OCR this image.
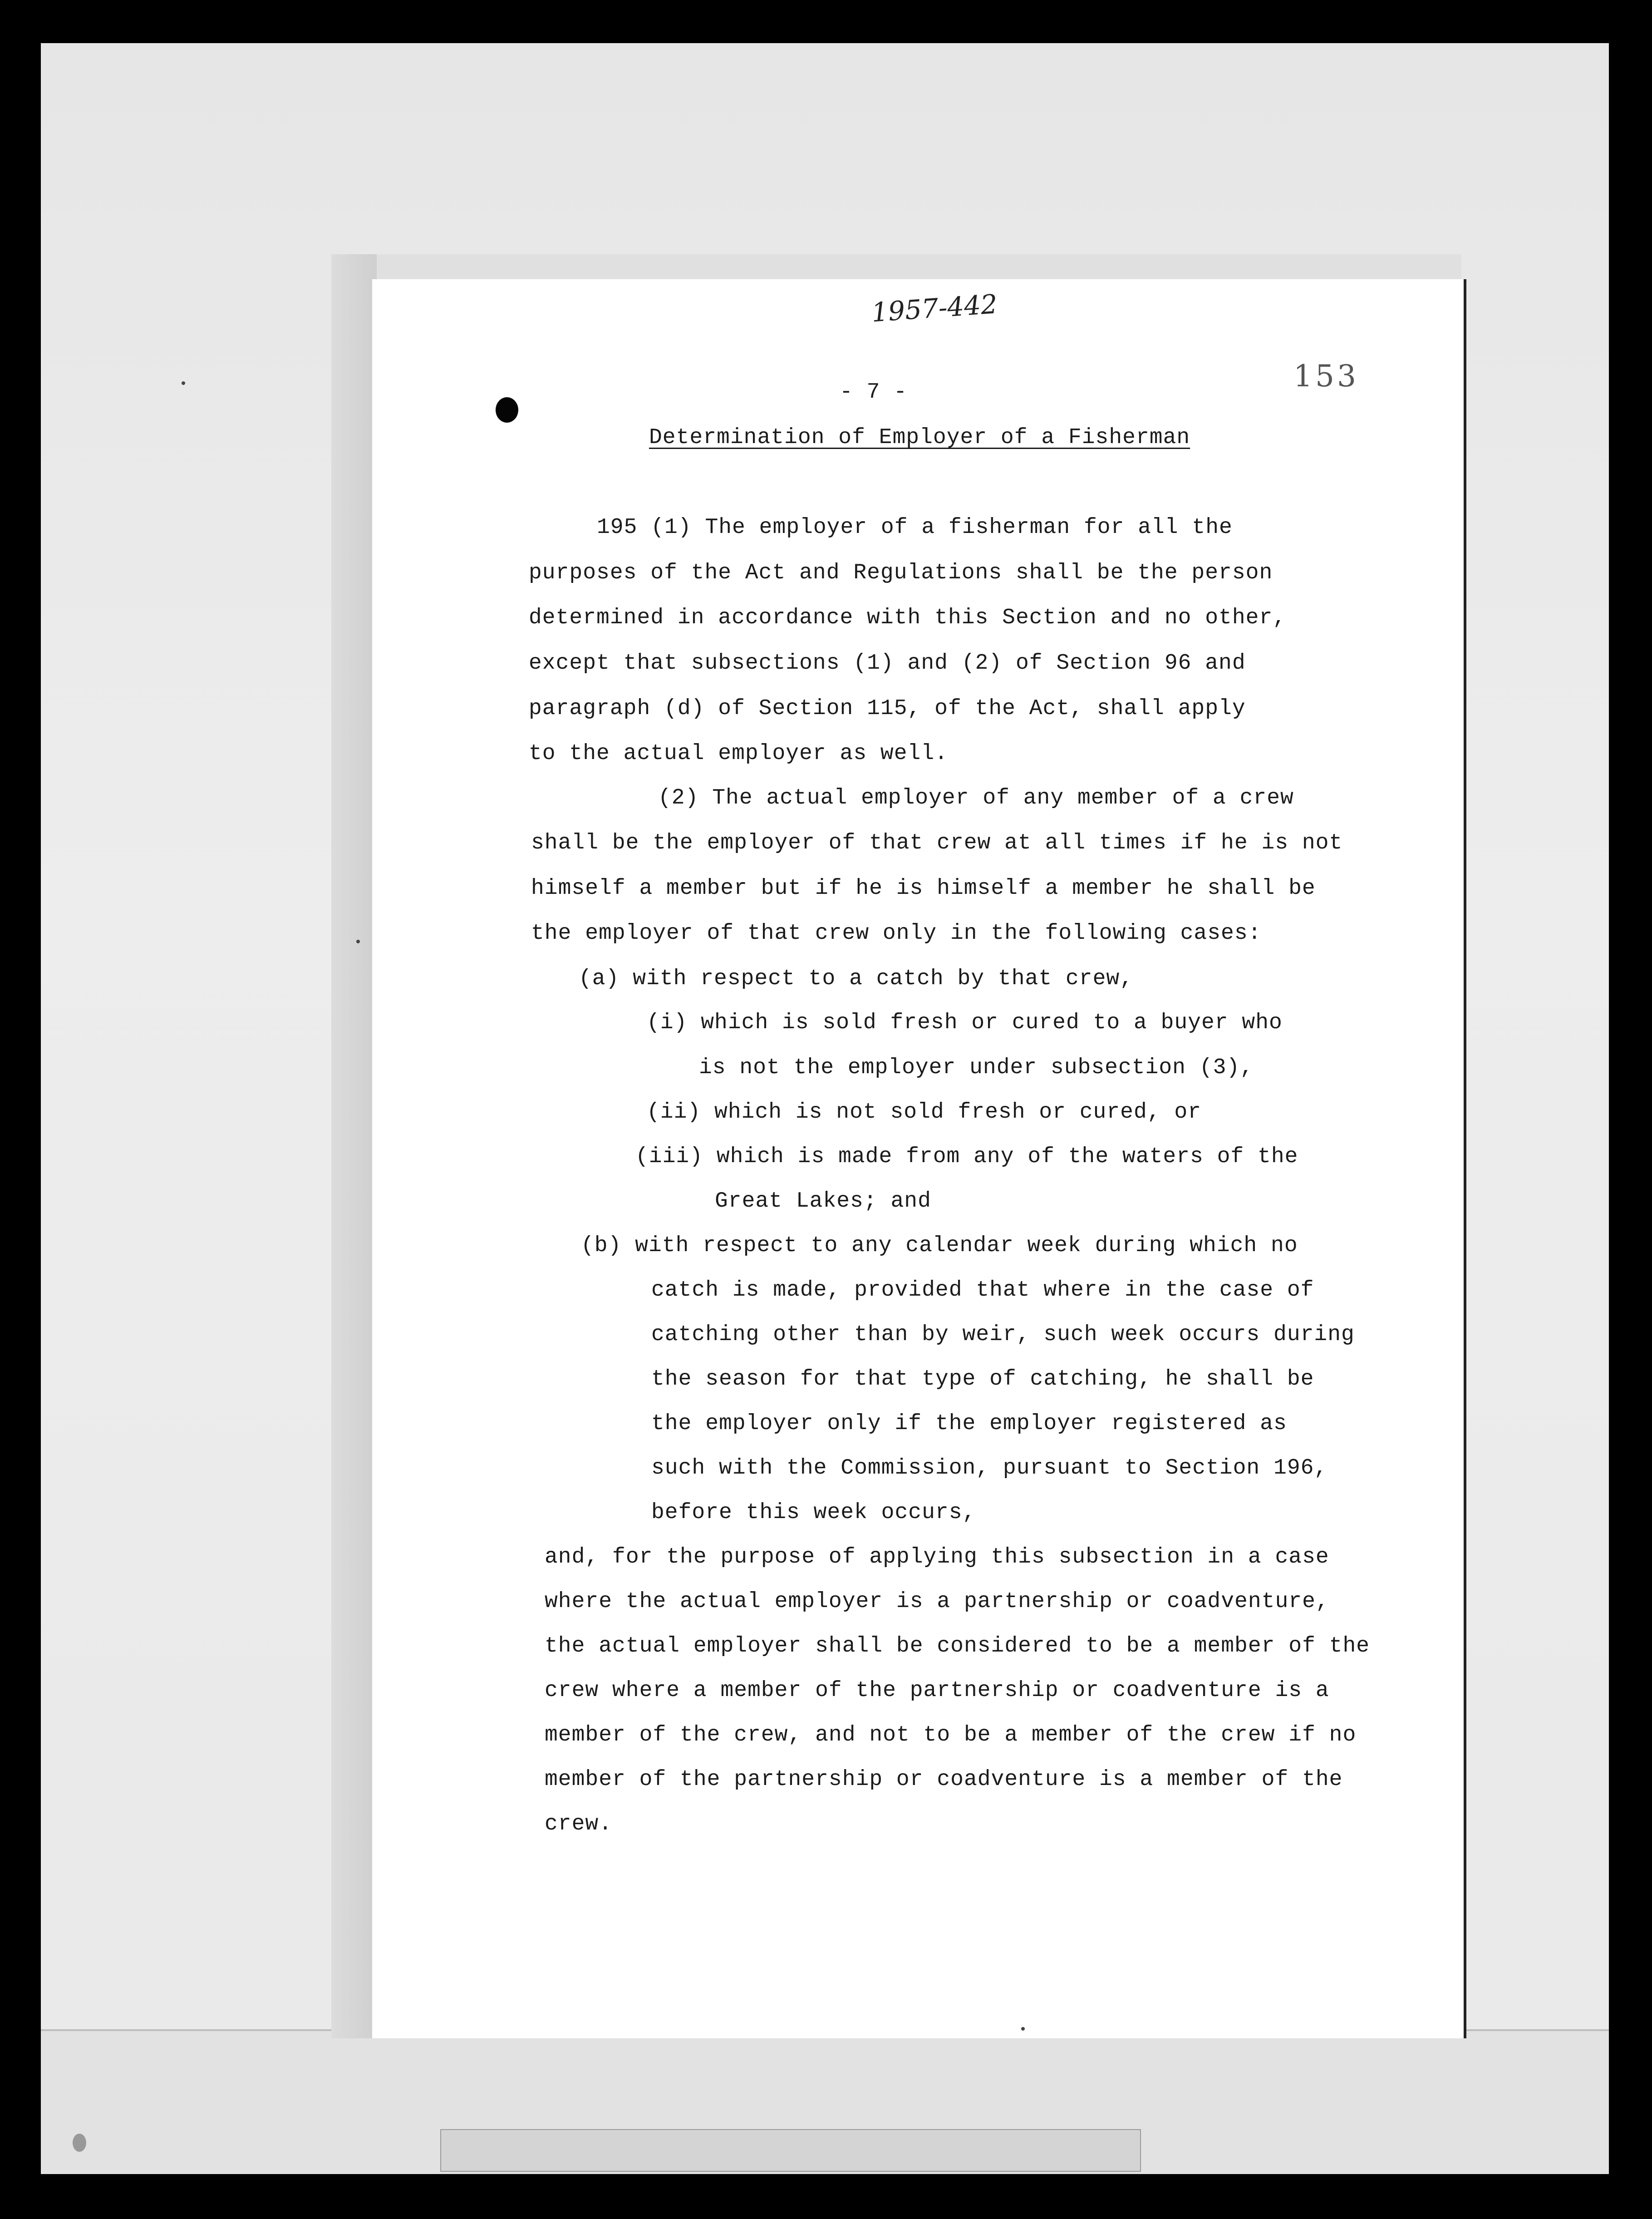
1957-442
153
- 7 -
Determination of Employer of a Fisherman
195 (1) The employer of a fisherman for all the
purposes of the Act and Regulations shall be the person
determined in accordance with this Section and no other,
except that subsections (1) and (2) of Section 96 and
paragraph (d) of Section 115, of the Act, shall apply
to the actual employer as well.
(2) The actual employer of any member of a crew
shall be the employer of that crew at all times if he is not
himself a member but if he is himself a member he shall be
the employer of that crew only in the following cases:
(a) with respect to a catch by that crew,
(i) which is sold fresh or cured to a buyer who
is not the employer under subsection (3),
(ii) which is not sold fresh or cured, or
(iii) which is made from any of the waters of the
Great Lakes; and
(b) with respect to any calendar week during which no
catch is made, provided that where in the case of
catching other than by weir, such week occurs during
the season for that type of catching, he shall be
the employer only if the employer registered as
such with the Commission, pursuant to Section 196,
before this week occurs,
and, for the purpose of applying this subsection in a case
where the actual employer is a partnership or coadventure,
the actual employer shall be considered to be a member of the
crew where a member of the partnership or coadventure is a
member of the crew, and not to be a member of the crew if no
member of the partnership or coadventure is a member of the
crew.
